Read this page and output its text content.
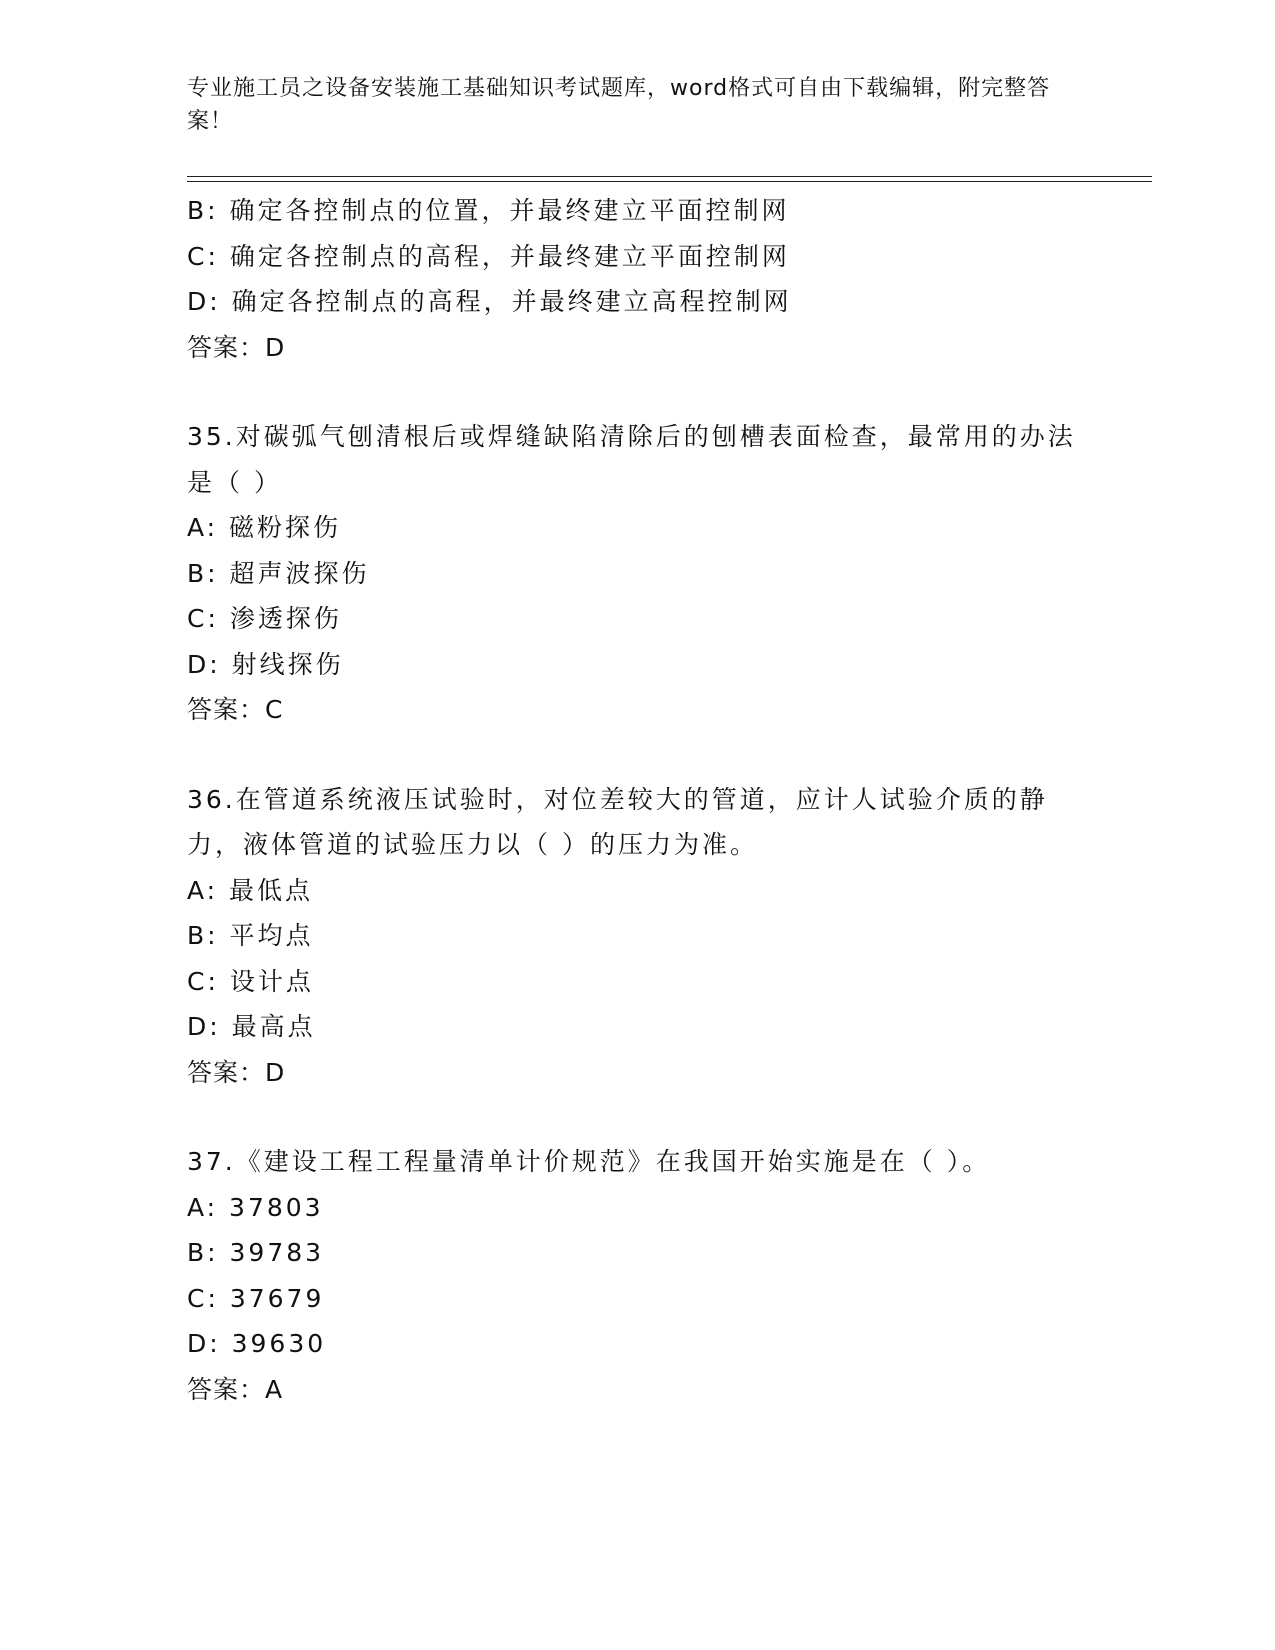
专业施工员之设备安装施工基础知识考试题库，word格式可自由下载编辑，附完整答案！
B: 确定各控制点的位置，并最终建立平面控制网
C: 确定各控制点的高程，并最终建立平面控制网
D: 确定各控制点的高程，并最终建立高程控制网
答案：D
35.对碳弧气刨清根后或焊缝缺陷清除后的刨槽表面检查，最常用的办法是（ ）
A: 磁粉探伤
B: 超声波探伤
C: 渗透探伤
D: 射线探伤
答案：C
36.在管道系统液压试验时，对位差较大的管道，应计人试验介质的静力，液体管道的试验压力以（ ）的压力为准。
A: 最低点
B: 平均点
C: 设计点
D: 最高点
答案：D
37.《建设工程工程量清单计价规范》在我国开始实施是在（ ）。
A: 37803
B: 39783
C: 37679
D: 39630
答案：A
